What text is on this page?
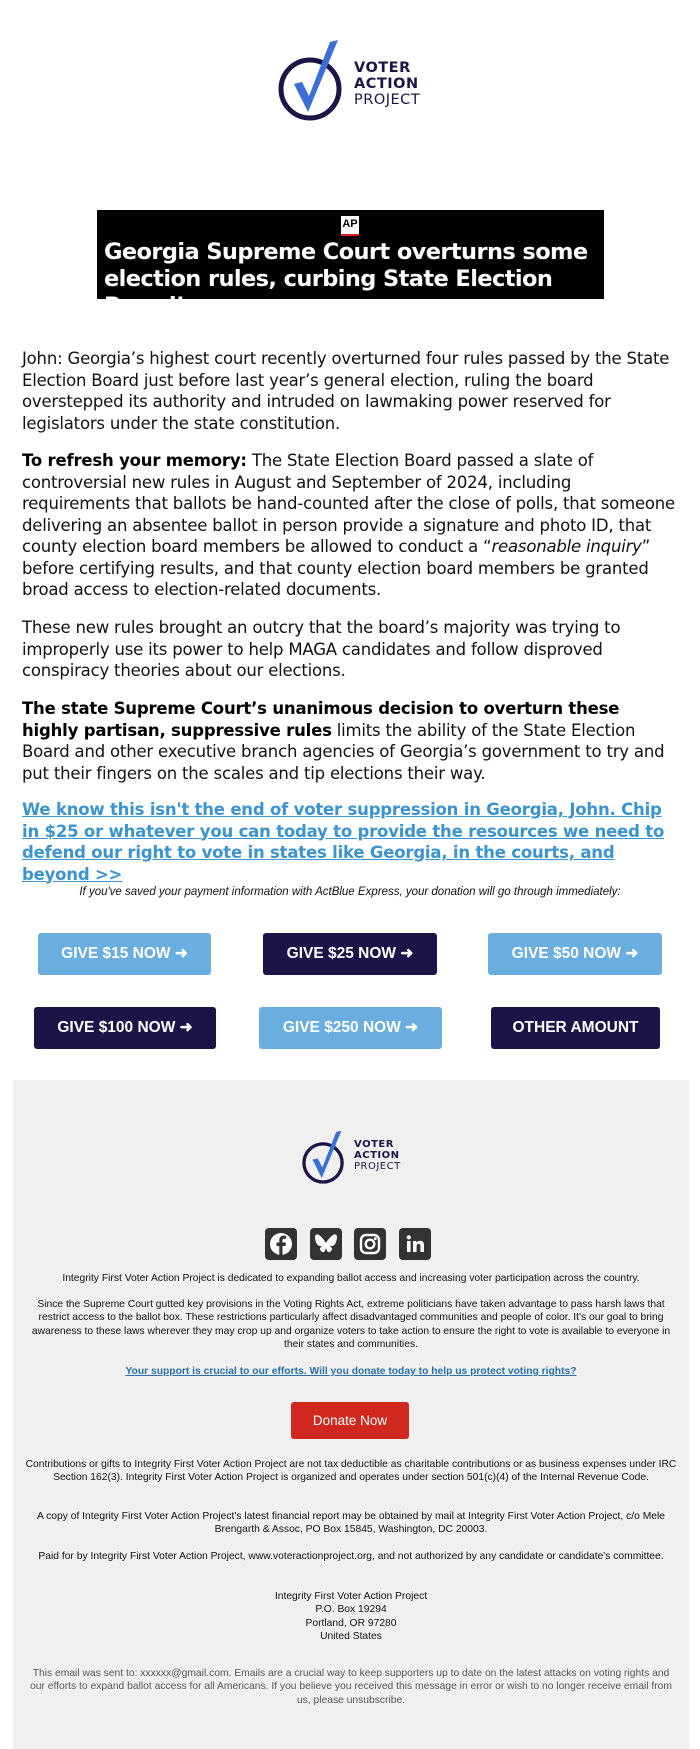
VOTER
ACTION
PROJECT
AP
Georgia Supreme Court overturns some election rules, curbing State Election Board’s power

John: Georgia’s highest court recently overturned four rules passed by the State Election Board just before last year’s general election, ruling the board overstepped its authority and intruded on lawmaking power reserved for legislators under the state constitution.

To refresh your memory: The State Election Board passed a slate of controversial new rules in August and September of 2024, including requirements that ballots be hand-counted after the close of polls, that someone delivering an absentee ballot in person provide a signature and photo ID, that county election board members be allowed to conduct a “reasonable inquiry” before certifying results, and that county election board members be granted broad access to election-related documents.

These new rules brought an outcry that the board’s majority was trying to improperly use its power to help MAGA candidates and follow disproved conspiracy theories about our elections.

The state Supreme Court’s unanimous decision to overturn these highly partisan, suppressive rules limits the ability of the State Election Board and other executive branch agencies of Georgia’s government to try and put their fingers on the scales and tip elections their way.

We know this isn't the end of voter suppression in Georgia, John. Chip in $25 or whatever you can today to provide the resources we need to defend our right to vote in states like Georgia, in the courts, and beyond >>

If you've saved your payment information with ActBlue Express, your donation will go through immediately:
GIVE $15 NOW ➜	GIVE $25 NOW ➜	GIVE $50 NOW ➜
GIVE $100 NOW ➜	GIVE $250 NOW ➜	OTHER AMOUNT
VOTER
ACTION
PROJECT
Integrity First Voter Action Project is dedicated to expanding ballot access and increasing voter participation across the country.
Since the Supreme Court gutted key provisions in the Voting Rights Act, extreme politicians have taken advantage to pass harsh laws that restrict access to the ballot box. These restrictions particularly affect disadvantaged communities and people of color. It's our goal to bring awareness to these laws wherever they may crop up and organize voters to take action to ensure the right to vote is available to everyone in their states and communities.
Your support is crucial to our efforts. Will you donate today to help us protect voting rights?
Donate Now
Contributions or gifts to Integrity First Voter Action Project are not tax deductible as charitable contributions or as business expenses under IRC Section 162(3). Integrity First Voter Action Project is organized and operates under section 501(c)(4) of the Internal Revenue Code.
A copy of Integrity First Voter Action Project's latest financial report may be obtained by mail at Integrity First Voter Action Project, c/o Mele Brengarth & Assoc, PO Box 15845, Washington, DC 20003.
Paid for by Integrity First Voter Action Project, www.voteractionproject.org, and not authorized by any candidate or candidate's committee.
Integrity First Voter Action Project
P.O. Box 19294
Portland, OR 97280
United States
This email was sent to: xxxxxx@gmail.com. Emails are a crucial way to keep supporters up to date on the latest attacks on voting rights and our efforts to expand ballot access for all Americans. If you believe you received this message in error or wish to no longer receive email from us, please unsubscribe.
